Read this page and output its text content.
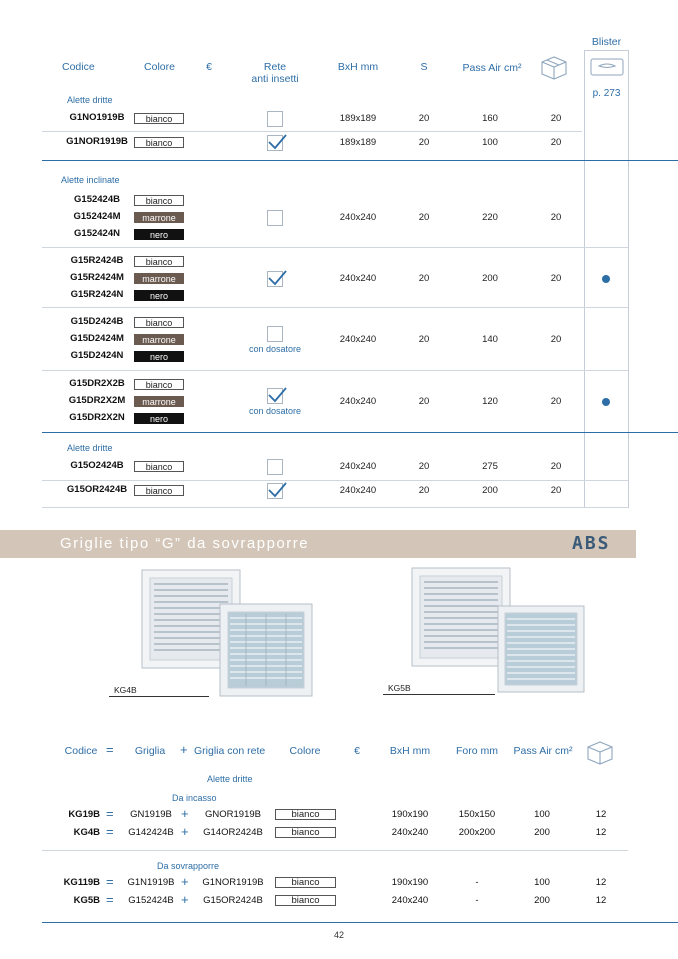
Codice	Colore	€	Rete
anti insetti
BxH mm	S	Pass Air cm²
Blister
p. 273
Alette dritte
G1NO1919B	bianco	189x189	20	160	20
G1NOR1919B	bianco	189x189	20	100	20
Alette inclinate
G152424B	bianco
G152424M	marrone
G152424N	nero
240x240	20	220	20
G15R2424B	bianco
G15R2424M	marrone
G15R2424N	nero
240x240	20	200	20
G15D2424B	bianco
G15D2424M	marrone
G15D2424N	nero
con dosatore
240x240	20	140	20
G15DR2X2B	bianco
G15DR2X2M	marrone
G15DR2X2N	nero
con dosatore
240x240	20	120	20
Alette dritte
G15O2424B	bianco	240x240	20	275	20
G15OR2424B	bianco	240x240	20	200	20
Griglie tipo “G” da sovrapporre	ABS
KG4B	KG5B
Codice =	Griglia	+ Griglia con rete	Colore	€	BxH mm	Foro mm	Pass Air cm²
Alette dritte
Da incasso
KG19B =	GN1919B +	GNOR1919B	bianco	190x190	150x150	100	12
KG4B =	G142424B +	G14OR2424B	bianco	240x240	200x200	200	12
Da sovrapporre
KG119B =	G1N1919B +	G1NOR1919B	bianco	190x190	-	100	12
KG5B =	G152424B +	G15OR2424B	bianco	240x240	-	200	12
42
